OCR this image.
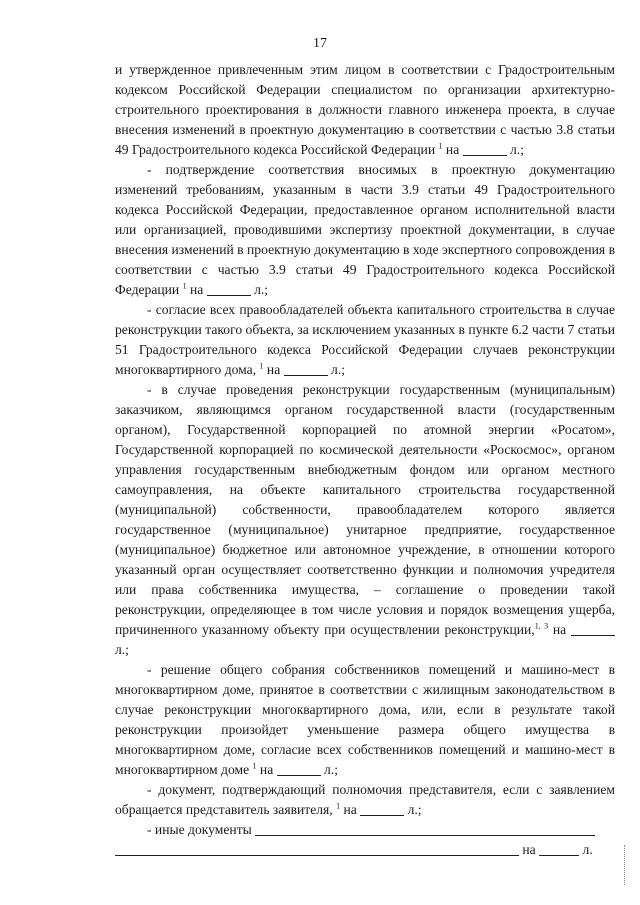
17

и утвержденное привлеченным этим лицом в соответствии с Градостроительным кодексом Российской Федерации специалистом по организации архитектурно-строительного проектирования в должности главного инженера проекта, в случае внесения изменений в проектную документацию в соответствии с частью 3.8 статьи 49 Градостроительного кодекса Российской Федерации $^1$ на	л.;

- подтверждение соответствия вносимых в проектную документацию изменений требованиям, указанным в части 3.9 статьи 49 Градостроительного кодекса Российской Федерации, предоставленное органом исполнительной власти или организацией, проводившими экспертизу проектной документации, в случае внесения изменений в проектную документацию в ходе экспертного сопровождения в соответствии с частью 3.9 статьи 49 Градостроительного кодекса Российской Федерации $^1$ на	л.;

- согласие всех правообладателей объекта капитального строительства в случае реконструкции такого объекта, за исключением указанных в пункте 6.2 части 7 статьи 51 Градостроительного кодекса Российской Федерации случаев реконструкции многоквартирного дома, $^1$ на	л.;

- в случае проведения реконструкции государственным (муниципальным) заказчиком, являющимся органом государственной власти (государственным органом), Государственной корпорацией по атомной энергии «Росатом», Государственной корпорацией по космической деятельности «Роскосмос», органом управления государственным внебюджетным фондом или органом местного самоуправления, на объекте капитального строительства государственной (муниципальной) собственности, правообладателем которого является государственное (муниципальное) унитарное предприятие, государственное (муниципальное) бюджетное или автономное учреждение, в отношении которого указанный орган осуществляет соответственно функции и полномочия учредителя или права собственника имущества, – соглашение о проведении такой реконструкции, определяющее в том числе условия и порядок возмещения ущерба, причиненного указанному объекту при осуществлении реконструкции,$^{1, 3}$ на  л.;

- решение общего собрания собственников помещений и машино-мест в многоквартирном доме, принятое в соответствии с жилищным законодательством в случае реконструкции многоквартирного дома, или, если в результате такой реконструкции произойдет уменьшение размера общего имущества в многоквартирном доме, согласие всех собственников помещений и машино-мест в многоквартирном доме $^1$ на	л.;

- документ, подтверждающий полномочия представителя, если с заявлением обращается представитель заявителя, $^1$ на	л.;

- иные документы

на	л.
